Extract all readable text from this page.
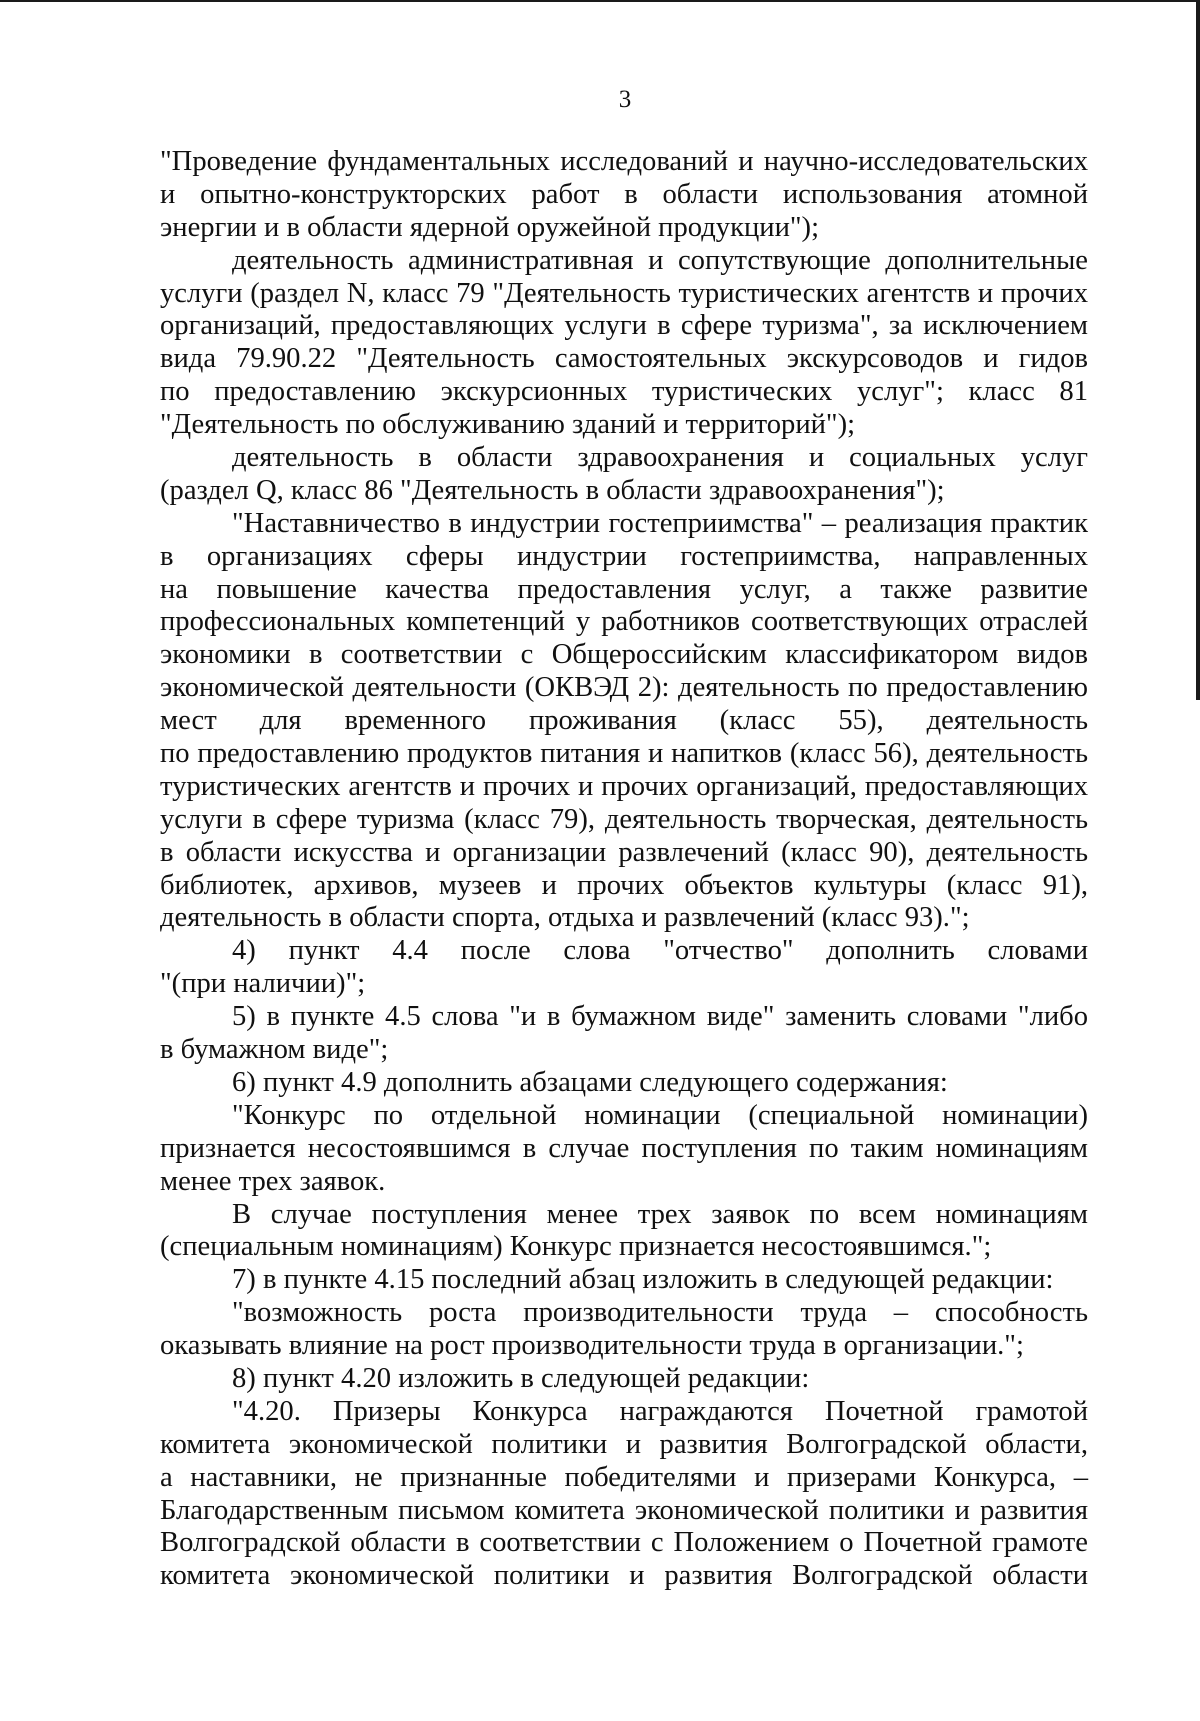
3
"Проведение фундаментальных исследований и научно-исследовательских
и опытно-конструкторских работ в области использования атомной
энергии и в области ядерной оружейной продукции");
деятельность административная и сопутствующие дополнительные
услуги (раздел N, класс 79 "Деятельность туристических агентств и прочих
организаций, предоставляющих услуги в сфере туризма", за исключением
вида 79.90.22 "Деятельность самостоятельных экскурсоводов и гидов
по предоставлению экскурсионных туристических услуг"; класс 81
"Деятельность по обслуживанию зданий и территорий");
деятельность в области здравоохранения и социальных услуг
(раздел Q, класс 86 "Деятельность в области здравоохранения");
"Наставничество в индустрии гостеприимства" – реализация практик
в организациях сферы индустрии гостеприимства, направленных
на повышение качества предоставления услуг, а также развитие
профессиональных компетенций у работников соответствующих отраслей
экономики в соответствии с Общероссийским классификатором видов
экономической деятельности (ОКВЭД 2): деятельность по предоставлению
мест для временного проживания (класс 55), деятельность
по предоставлению продуктов питания и напитков (класс 56), деятельность
туристических агентств и прочих и прочих организаций, предоставляющих
услуги в сфере туризма (класс 79), деятельность творческая, деятельность
в области искусства и организации развлечений (класс 90), деятельность
библиотек, архивов, музеев и прочих объектов культуры (класс 91),
деятельность в области спорта, отдыха и развлечений (класс 93).";
4) пункт 4.4 после слова "отчество" дополнить словами
"(при наличии)";
5) в пункте 4.5 слова "и в бумажном виде" заменить словами "либо
в бумажном виде";
6) пункт 4.9 дополнить абзацами следующего содержания:
"Конкурс по отдельной номинации (специальной номинации)
признается несостоявшимся в случае поступления по таким номинациям
менее трех заявок.
В случае поступления менее трех заявок по всем номинациям
(специальным номинациям) Конкурс признается несостоявшимся.";
7) в пункте 4.15 последний абзац изложить в следующей редакции:
"возможность роста производительности труда – способность
оказывать влияние на рост производительности труда в организации.";
8) пункт 4.20 изложить в следующей редакции:
"4.20. Призеры Конкурса награждаются Почетной грамотой
комитета экономической политики и развития Волгоградской области,
а наставники, не признанные победителями и призерами Конкурса, –
Благодарственным письмом комитета экономической политики и развития
Волгоградской области в соответствии с Положением о Почетной грамоте
комитета экономической политики и развития Волгоградской области
